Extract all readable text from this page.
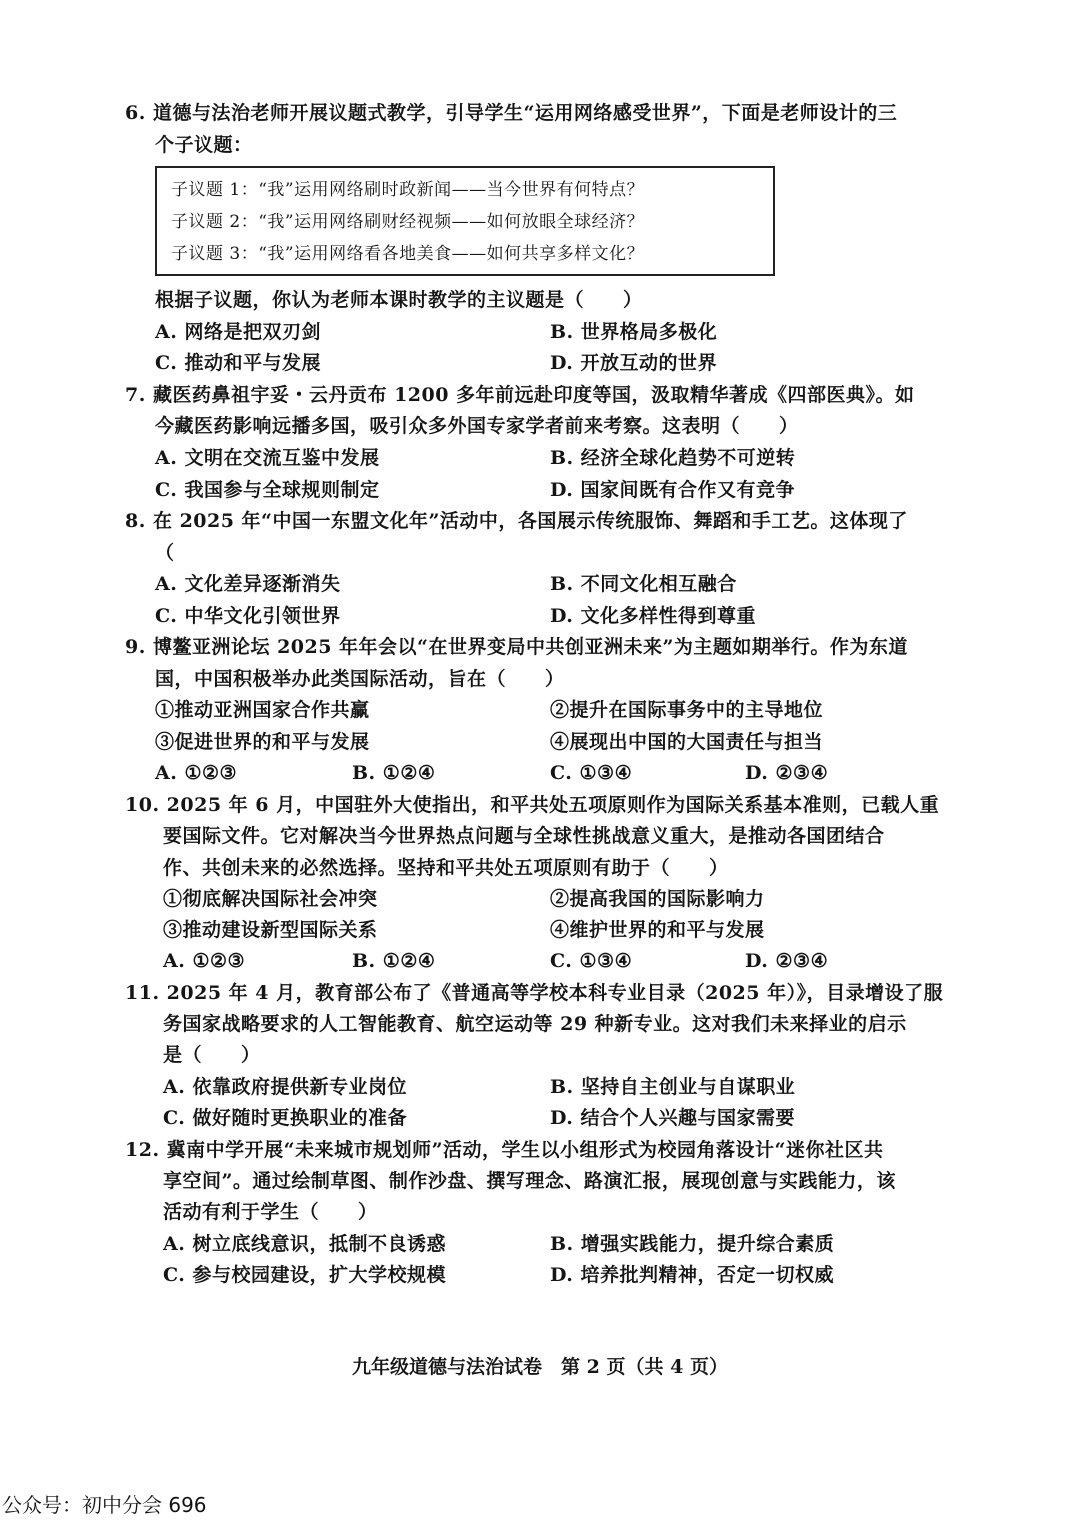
6. 道德与法治老师开展议题式教学，引导学生“运用网络感受世界”，下面是老师设计的三
个子议题：
子议题 1：“我”运用网络刷时政新闻——当今世界有何特点？
子议题 2：“我”运用网络刷财经视频——如何放眼全球经济？
子议题 3：“我”运用网络看各地美食——如何共享多样文化？
根据子议题，你认为老师本课时教学的主议题是（　　）
A. 网络是把双刃剑	B. 世界格局多极化
C. 推动和平与发展	D. 开放互动的世界
7. 藏医药鼻祖宇妥・云丹贡布 1200 多年前远赴印度等国，汲取精华著成《四部医典》。如
今藏医药影响远播多国，吸引众多外国专家学者前来考察。这表明（　　）
A. 文明在交流互鉴中发展	B. 经济全球化趋势不可逆转
C. 我国参与全球规则制定	D. 国家间既有合作又有竞争
8. 在 2025 年“中国一东盟文化年”活动中，各国展示传统服饰、舞蹈和手工艺。这体现了
（
A. 文化差异逐渐消失	B. 不同文化相互融合
C. 中华文化引领世界	D. 文化多样性得到尊重
9. 博鳌亚洲论坛 2025 年年会以“在世界变局中共创亚洲未来”为主题如期举行。作为东道
国，中国积极举办此类国际活动，旨在（　　）
①推动亚洲国家合作共赢	②提升在国际事务中的主导地位
③促进世界的和平与发展	④展现出中国的大国责任与担当
A. ①②③	B. ①②④	C. ①③④	D. ②③④
10. 2025 年 6 月，中国驻外大使指出，和平共处五项原则作为国际关系基本准则，已载人重
要国际文件。它对解决当今世界热点问题与全球性挑战意义重大，是推动各国团结合
作、共创未来的必然选择。坚持和平共处五项原则有助于（　　）
①彻底解决国际社会冲突	②提高我国的国际影响力
③推动建设新型国际关系	④维护世界的和平与发展
A. ①②③	B. ①②④	C. ①③④	D. ②③④
11. 2025 年 4 月，教育部公布了《普通高等学校本科专业目录（2025 年）》，目录增设了服
务国家战略要求的人工智能教育、航空运动等 29 种新专业。这对我们未来择业的启示
是（　　）
A. 依靠政府提供新专业岗位	B. 坚持自主创业与自谋职业
C. 做好随时更换职业的准备	D. 结合个人兴趣与国家需要
12. 冀南中学开展“未来城市规划师”活动，学生以小组形式为校园角落设计“迷你社区共
享空间”。通过绘制草图、制作沙盘、撰写理念、路演汇报，展现创意与实践能力，该
活动有利于学生（　　）
A. 树立底线意识，抵制不良诱惑	B. 增强实践能力，提升综合素质
C. 参与校园建设，扩大学校规模	D. 培养批判精神，否定一切权威
九年级道德与法治试卷　第 2 页（共 4 页）
公众号：初中分会 696
